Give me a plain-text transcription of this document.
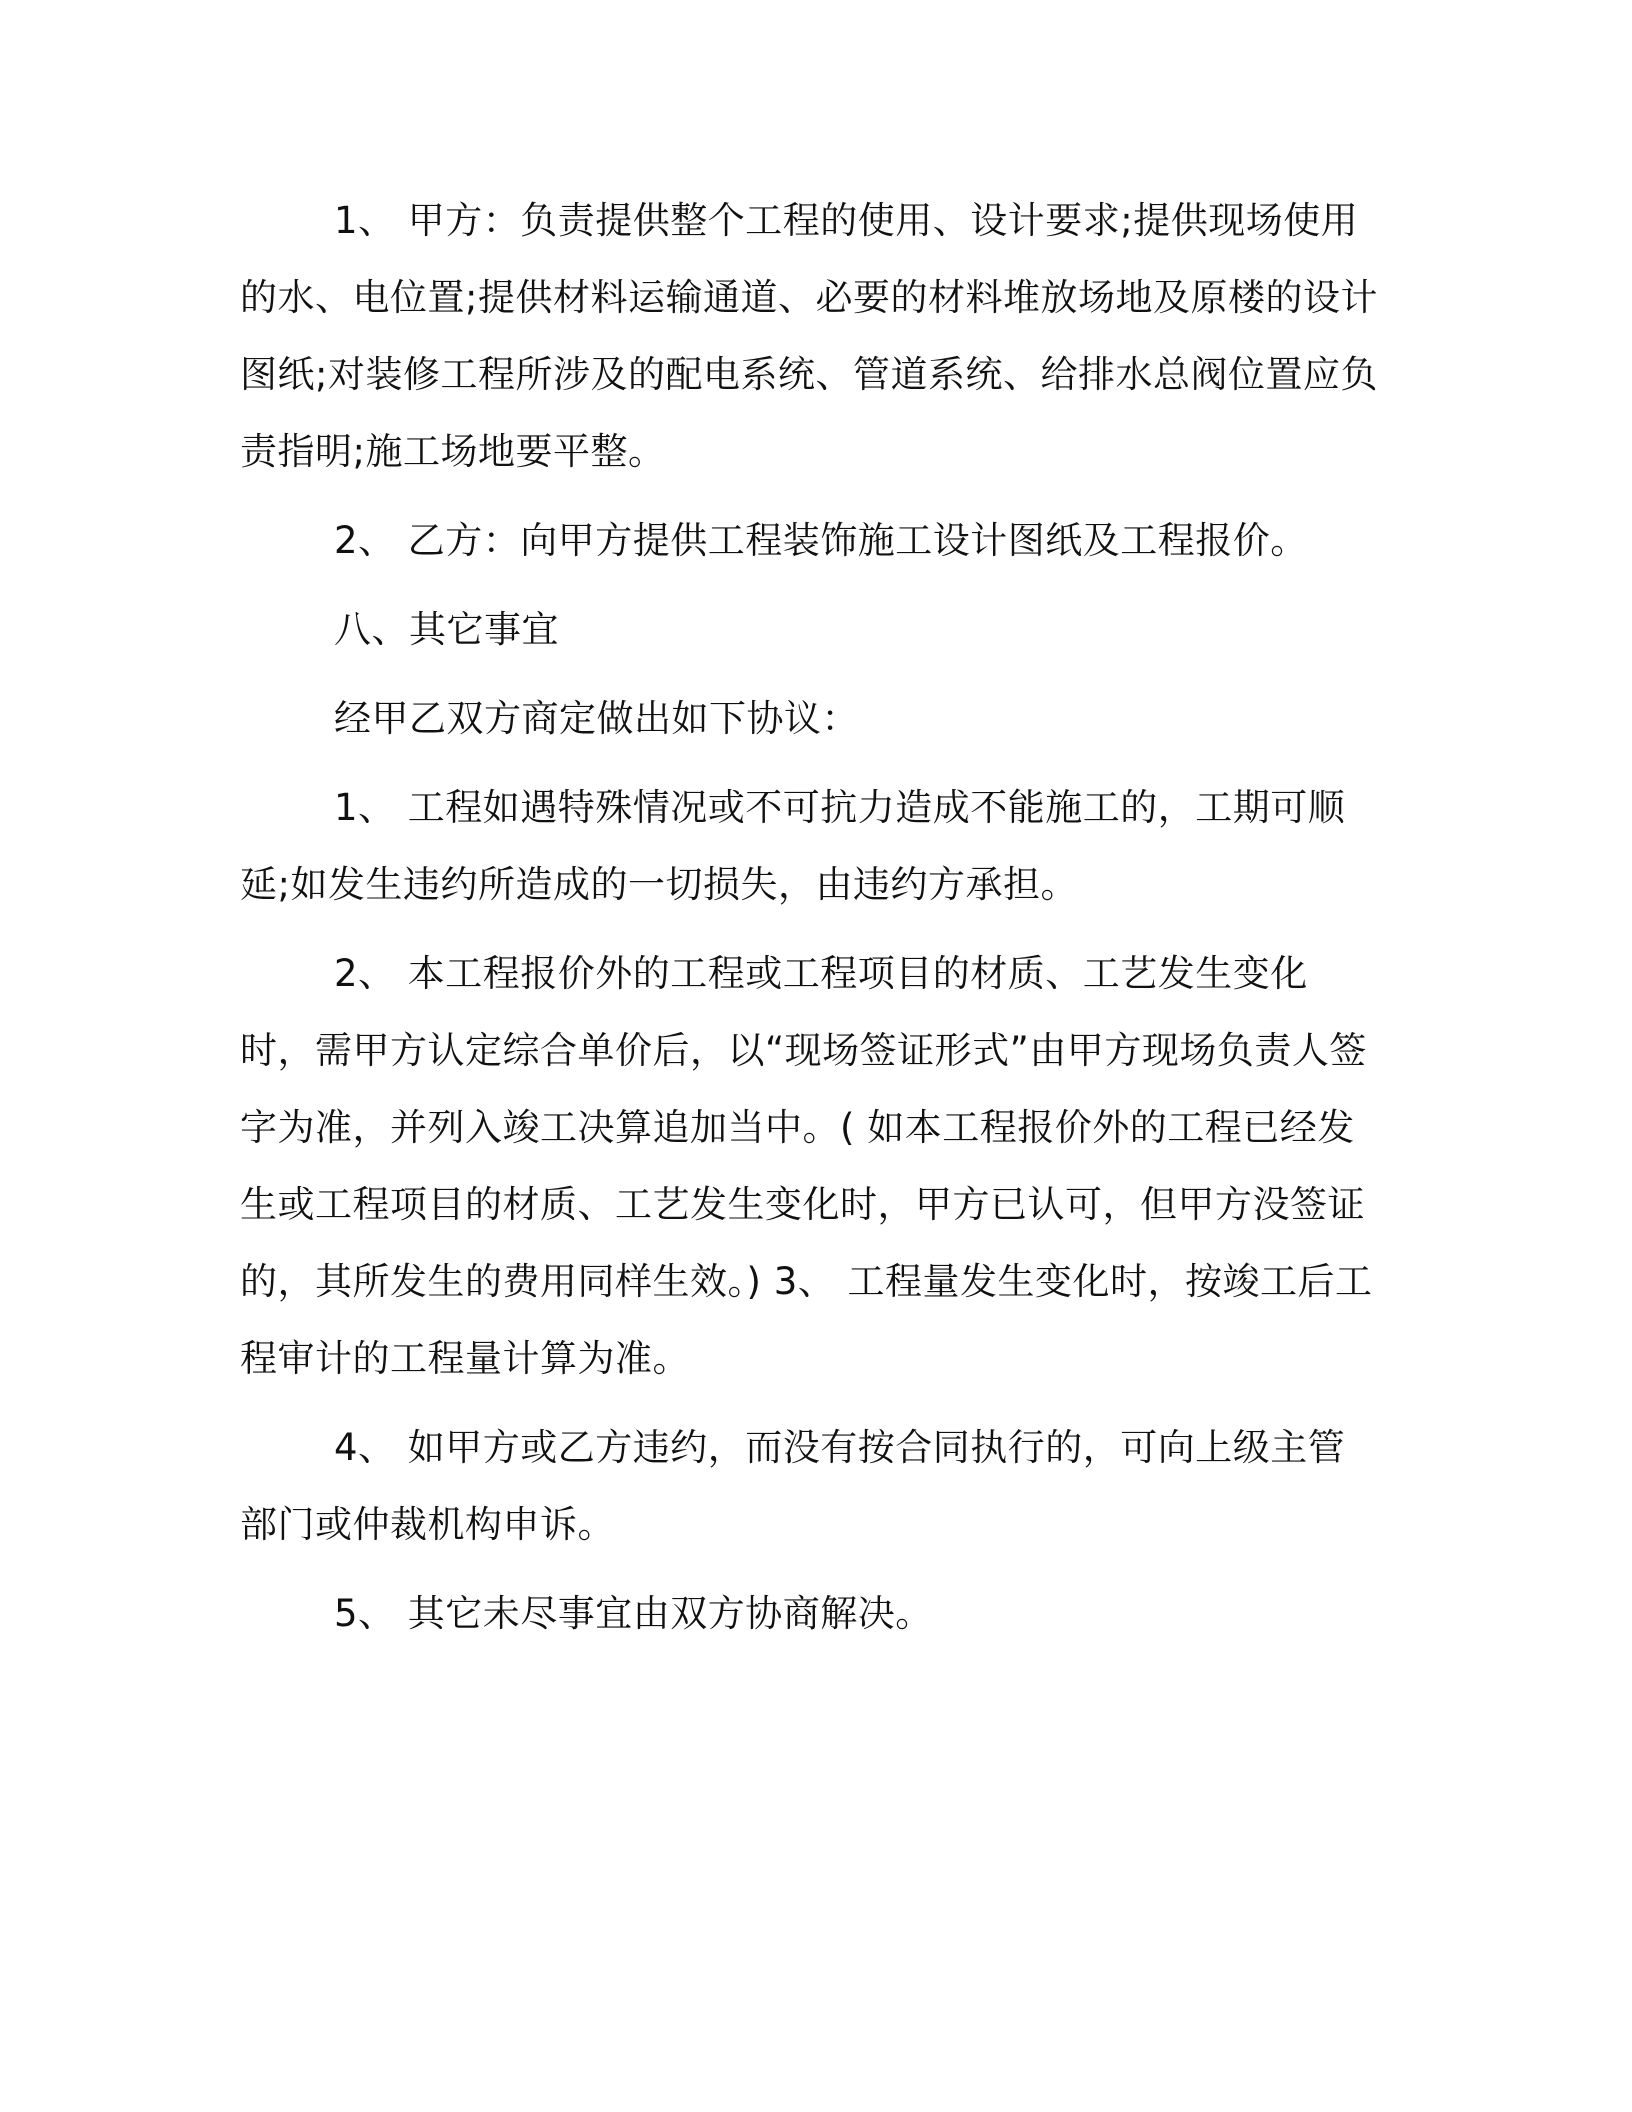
1、 甲方：负责提供整个工程的使用、设计要求;提供现场使用的水、电位置;提供材料运输通道、必要的材料堆放场地及原楼的设计图纸;对装修工程所涉及的配电系统、管道系统、给排水总阀位置应负责指明;施工场地要平整。

2、 乙方：向甲方提供工程装饰施工设计图纸及工程报价。

八、其它事宜

经甲乙双方商定做出如下协议：

1、 工程如遇特殊情况或不可抗力造成不能施工的，工期可顺延;如发生违约所造成的一切损失，由违约方承担。

2、 本工程报价外的工程或工程项目的材质、工艺发生变化时，需甲方认定综合单价后，以“现场签证形式”由甲方现场负责人签字为准，并列入竣工决算追加当中。( 如本工程报价外的工程已经发生或工程项目的材质、工艺发生变化时，甲方已认可，但甲方没签证的，其所发生的费用同样生效。) 3、 工程量发生变化时，按竣工后工程审计的工程量计算为准。

4、 如甲方或乙方违约，而没有按合同执行的，可向上级主管部门或仲裁机构申诉。

5、 其它未尽事宜由双方协商解决。
